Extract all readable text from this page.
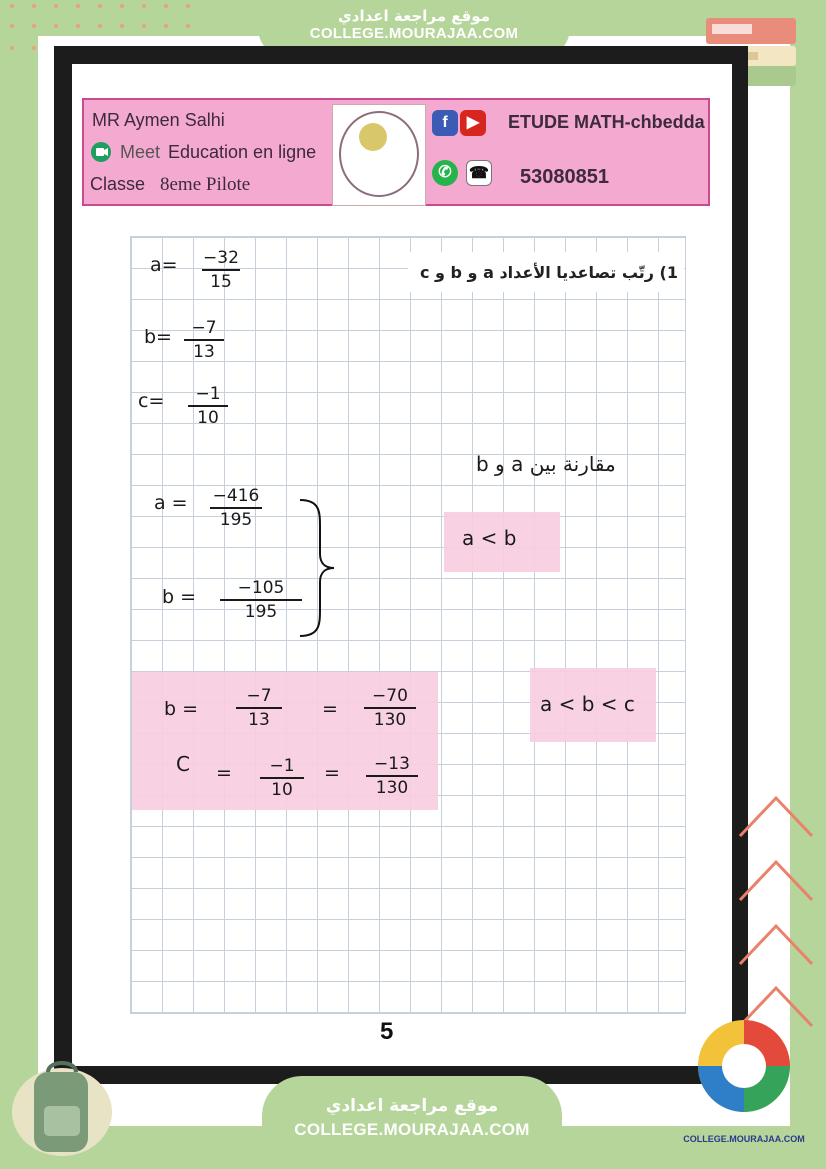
موقع مراجعة اعدادي
COLLEGE.MOURAJAA.COM
MR Aymen Salhi
Meet Education en ligne
Classe 8eme Pilote
f	▶
✆	☎
ETUDE MATH-chbedda
53080851
1) رتّب تصاعديا الأعداد a و b و c
a= −32
15
b=	−7
13
c=	−1
10
مقارنة بين a و b
a = −416
195
b =	−105
195
a < b
b =
−7
13	=
−70
130
C =	−1
10
=	−13
130
a < b < c
5
موقع مراجعة اعدادي
COLLEGE.MOURAJAA.COM	COLLEGE.MOURAJAA.COM
